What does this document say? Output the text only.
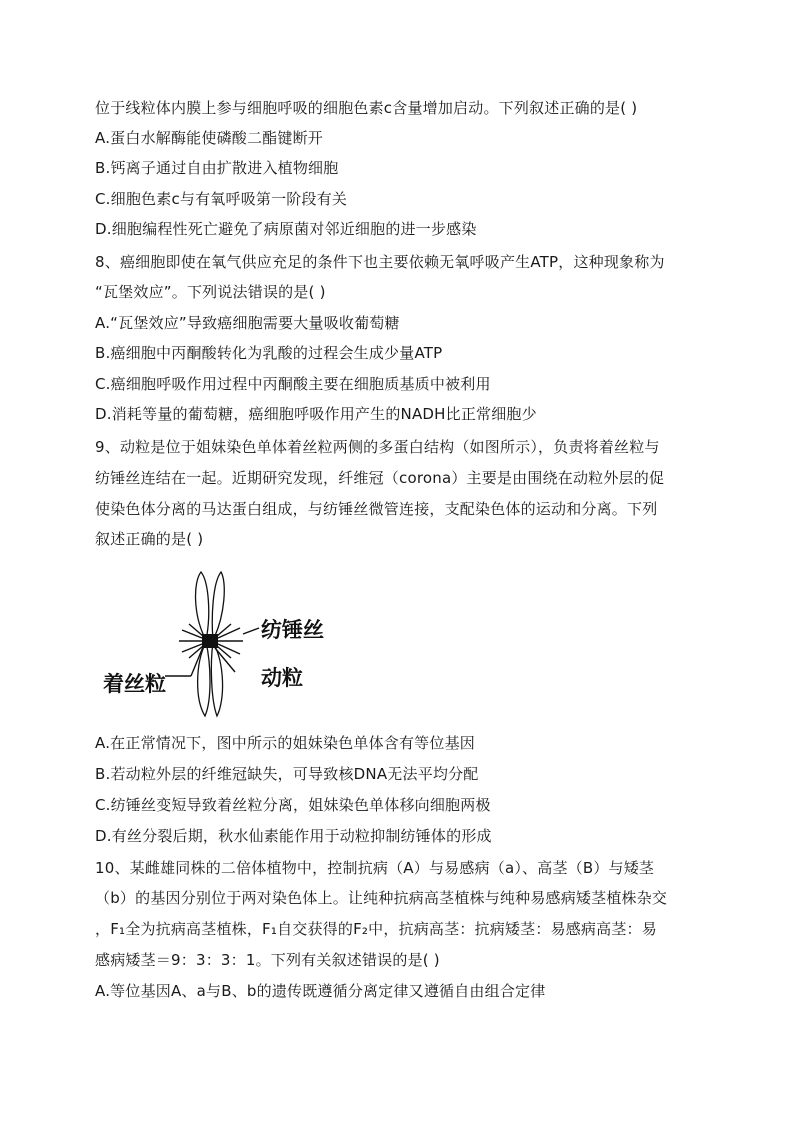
位于线粒体内膜上参与细胞呼吸的细胞色素c含量增加启动。下列叙述正确的是( )
A.蛋白水解酶能使磷酸二酯键断开
B.钙离子通过自由扩散进入植物细胞
C.细胞色素c与有氧呼吸第一阶段有关
D.细胞编程性死亡避免了病原菌对邻近细胞的进一步感染
8、癌细胞即使在氧气供应充足的条件下也主要依赖无氧呼吸产生ATP，这种现象称为
“瓦堡效应”。下列说法错误的是( )
A.“瓦堡效应”导致癌细胞需要大量吸收葡萄糖
B.癌细胞中丙酮酸转化为乳酸的过程会生成少量ATP
C.癌细胞呼吸作用过程中丙酮酸主要在细胞质基质中被利用
D.消耗等量的葡萄糖，癌细胞呼吸作用产生的NADH比正常细胞少
9、动粒是位于姐妹染色单体着丝粒两侧的多蛋白结构（如图所示），负责将着丝粒与
纺锤丝连结在一起。近期研究发现，纤维冠（corona）主要是由围绕在动粒外层的促
使染色体分离的马达蛋白组成，与纺锤丝微管连接，支配染色体的运动和分离。下列
叙述正确的是( )
纺锤丝
动粒
着丝粒
A.在正常情况下，图中所示的姐妹染色单体含有等位基因
B.若动粒外层的纤维冠缺失，可导致核DNA无法平均分配
C.纺锤丝变短导致着丝粒分离，姐妹染色单体移向细胞两极
D.有丝分裂后期，秋水仙素能作用于动粒抑制纺锤体的形成
10、某雌雄同株的二倍体植物中，控制抗病（A）与易感病（a）、高茎（B）与矮茎
（b）的基因分别位于两对染色体上。让纯种抗病高茎植株与纯种易感病矮茎植株杂交
，F₁全为抗病高茎植株，F₁自交获得的F₂中，抗病高茎：抗病矮茎：易感病高茎：易
感病矮茎＝9：3：3：1。下列有关叙述错误的是( )
A.等位基因A、a与B、b的遗传既遵循分离定律又遵循自由组合定律
